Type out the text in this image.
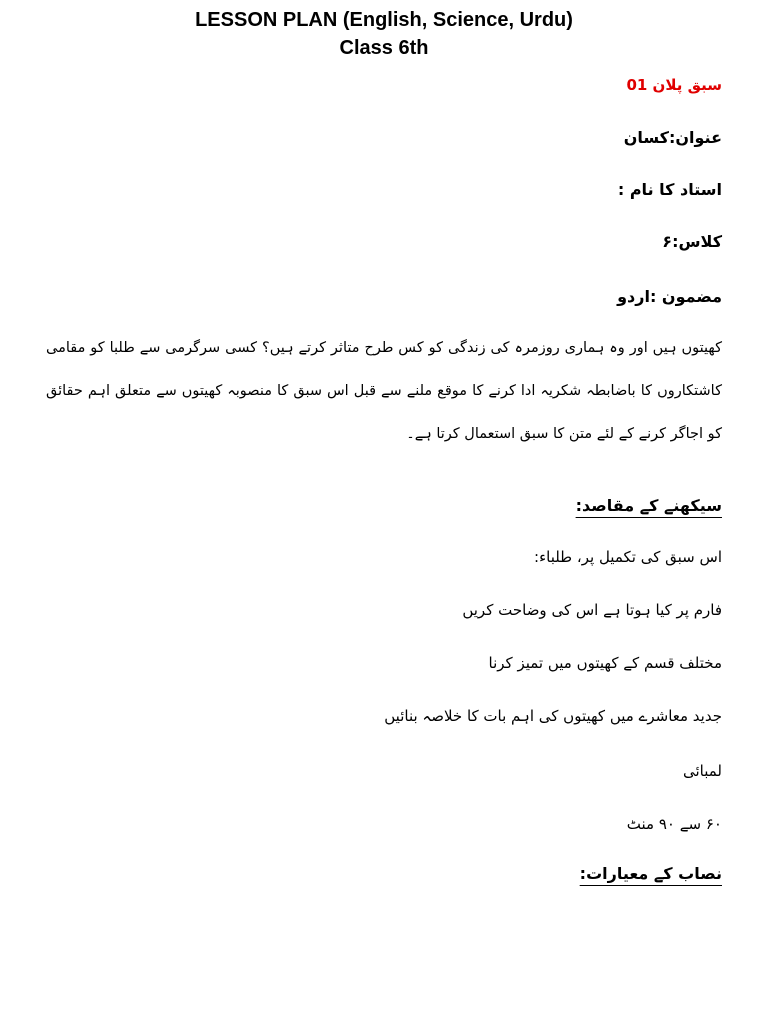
LESSON PLAN (English, Science, Urdu)
Class 6th
سبق پلان 01
عنوان:کسان
استاد کا نام :
کلاس:۶
مضمون :اردو
کھیتوں ہیں اور وہ ہماری روزمرہ کی زندگی کو کس طرح متاثر کرتے ہیں؟ کسی سرگرمی سے طلبا کو مقامی کاشتکاروں کا باضابطہ شکریہ ادا کرنے کا موقع ملنے سے قبل اس سبق کا منصوبہ کھیتوں سے متعلق اہم حقائق کو اجاگر کرنے کے لئے متن کا سبق استعمال کرتا ہے۔
سیکھنے کے مقاصد:
اس سبق کی تکمیل پر، طلباء:
فارم پر کیا ہوتا ہے اس کی وضاحت کریں
مختلف قسم کے کھیتوں میں تمیز کرنا
جدید معاشرے میں کھیتوں کی اہم بات کا خلاصہ بنائیں
لمبائی
۶۰ سے ۹۰ منٹ
نصاب کے معیارات:
